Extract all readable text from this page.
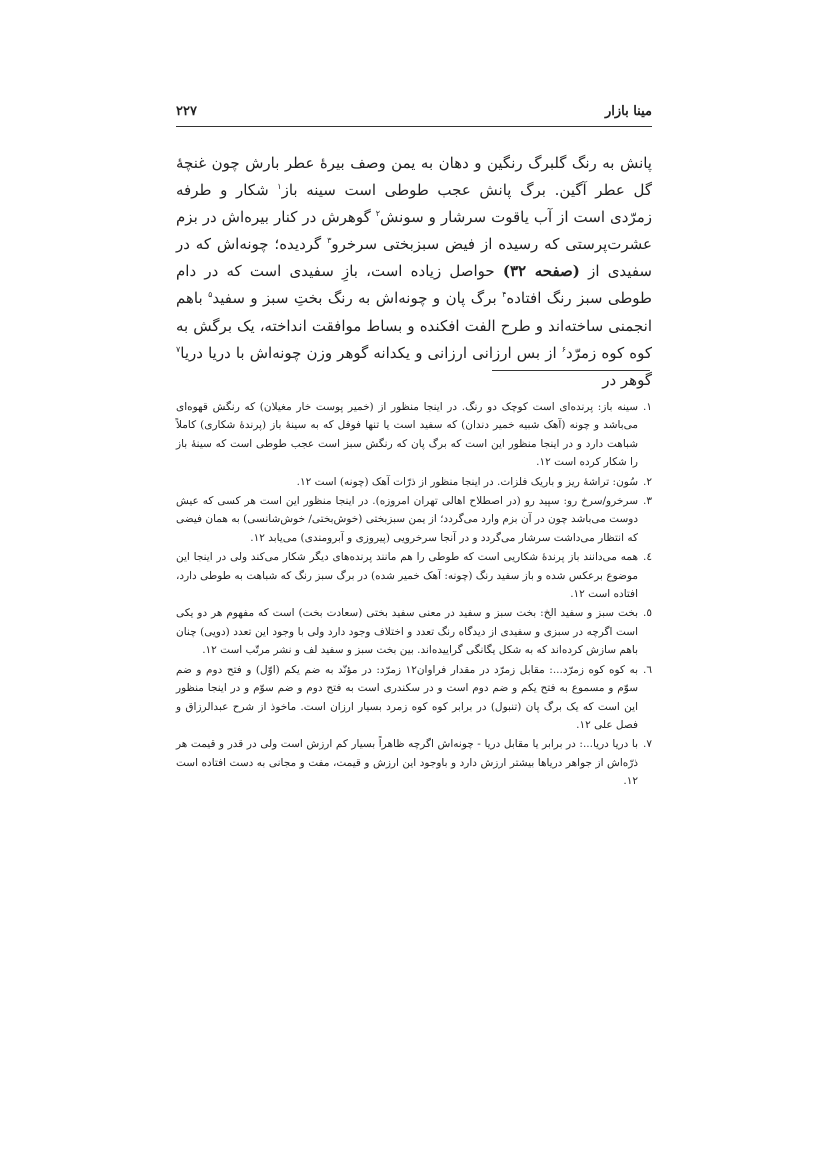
مینا بازار
۲۲۷

پانش به رنگ گلبرگ رنگین و دهان به یمن وصف بیرهٔ عطر بارش چون غنچهٔ گل عطر آگین. برگ پانش عجب طوطی است سینه باز$^۱$ شکار و طرفه زمرّدی است از آب یاقوت سرشار و سونش$^۲$ گوهرش در کنار بیره‌اش در بزم عشرت‌پرستی که رسیده از فیض سبزبختی سرخرو$^۳$ گردیده؛ چونه‌اش که در سفیدی از (صفحه ۳۲) حواصل زیاده است، بازِ سفیدی است که در دام طوطی سبز رنگ افتاده$^۴$ برگ پان و چونه‌اش به رنگ بختِ سبز و سفید$^۵$ باهم انجمنی ساخته‌اند و طرح الفت افکنده و بساط موافقت انداخته، یک برگش به کوه کوه زمرّد$^۶$ از بس ارزانی ارزانی و یکدانه گوهر وزن چونه‌اش با دریا دریا$^۷$ گوهر در

۱.
سینه باز: پرنده‌ای است کوچک دو رنگ. در اینجا منظور از (خمیر پوست خار مغیلان) که رنگش قهوه‌ای می‌باشد و چونه (آهک شبیه خمیر دندان) که سفید است یا تنها فوفل که به سینهٔ باز (پرندهٔ شکاری) کاملاً شباهت دارد و در اینجا منظور این است که برگ پان که رنگش سبز است عجب طوطی است که سینهٔ باز را شکار کرده است ۱۲.
۲.
سُون: تراشهٔ ریز و باریک فلزات. در اینجا منظور از ذرّات آهک (چونه) است ۱۲.
۳.
سرخرو/سرخ رو: سپید رو (در اصطلاح اهالی تهران امروزه). در اینجا منظور این است هر کسی که عیش دوست می‌باشد چون در آن بزم وارد می‌گردد؛ از یمن سبزبختی (خوش‌بختی/ خوش‌شانسی) به همان فیضی که انتظار می‌داشت سرشار می‌گردد و در آنجا سرخرویی (پیروزی و آبرومندی) می‌یابد ۱۲.
٤.
همه می‌دانند باز پرندهٔ شکاریی است که طوطی را هم مانند پرنده‌های دیگر شکار می‌کند ولی در اینجا این موضوع برعکس شده و باز سفید رنگ (چونه: آهک خمیر شده) در برگ سبز رنگ که شباهت به طوطی دارد، افتاده است ۱۲.
٥.
بخت سبز و سفید الخ: بخت سبز و سفید در معنی سفید بختی (سعادت بخت) است که مفهوم هر دو یکی است اگرچه در سبزی و سفیدی از دیدگاه رنگ تعدد و اختلاف وجود دارد ولی با وجود این تعدد (دویی) چنان باهم سازش کرده‌اند که به شکل یگانگی گراییده‌اند. بین بخت سبز و سفید لف و نشر مرتّب است ۱۲.
٦.
به کوه کوه زمرّد...: مقابل زمرّد در مقدار فراوان۱۲ زمرّد: در مؤنّد به ضم یکم (اوّل) و فتح دوم و ضم سوّم و مسموع به فتح یکم و ضم دوم است و در سکندری است به فتح دوم و ضم سوّم و در اینجا منظور این است که یک برگ پان (تنبول) در برابر کوه کوه زمرد بسیار ارزان است. ماخوذ از شرح عبدالرزاق و فصل علی ۱۲.
۷.
با دریا دریا...: در برابر یا مقابل دریا - چونه‌اش اگرچه ظاهراً بسیار کم ارزش است ولی در قدر و قیمت هر ذرّه‌اش از جواهر دریاها بیشتر ارزش دارد و باوجود این ارزش و قیمت، مفت و مجانی به دست افتاده است ۱۲.
